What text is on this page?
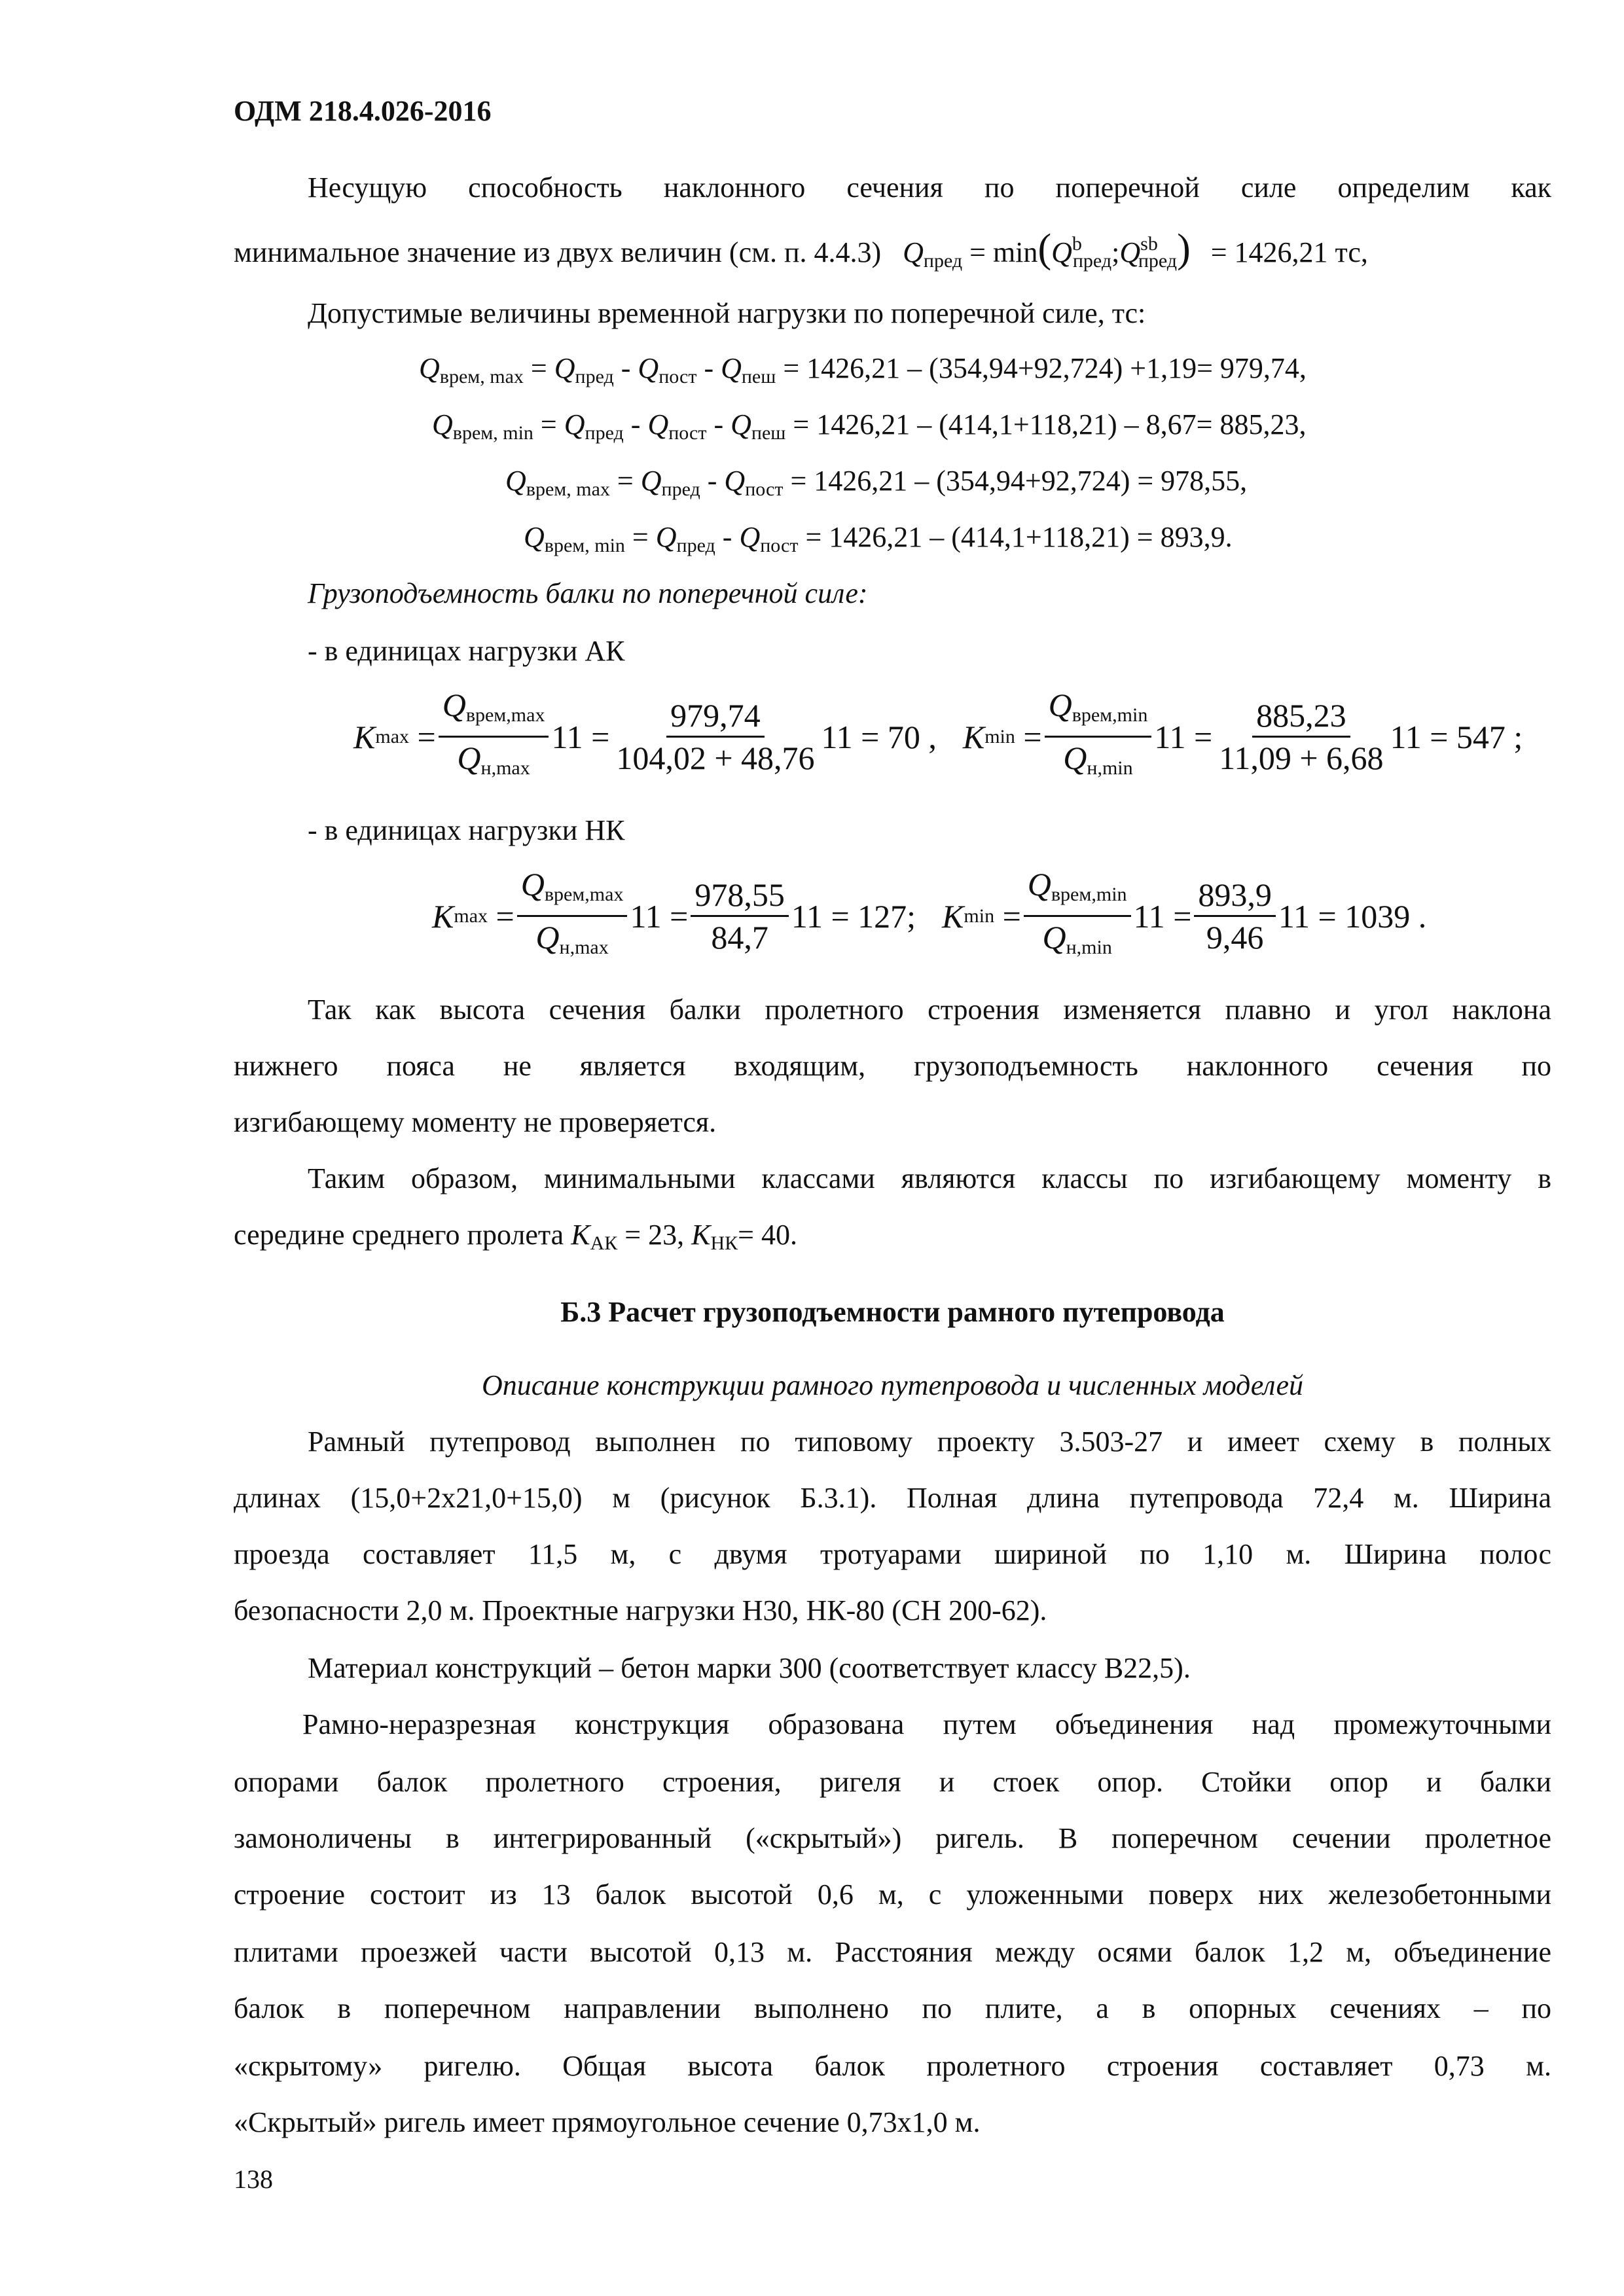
ОДМ 218.4.026-2016
Несущую способность наклонного сечения по поперечной силе определим как
минимальное значение из двух величин (см. п. 4.4.3) $Q_{пред}$ = $\min(Q^b_{пред};Q^{sb}_{пред}) = 1426,21$ тс,
Допустимые величины временной нагрузки по поперечной силе, тс:
$Q_{врем, max} = Q_{пред} - Q_{пост} - Q_{пеш} = 1426,21 - (354,94+92,724) +1,19= 979,74$,
$Q_{врем, min} = Q_{пред} - Q_{пост} - Q_{пеш} = 1426,21 - (414,1+118,21) - 8,67= 885,23$,
$Q_{врем, max} = Q_{пред} - Q_{пост} = 1426,21 - (354,94+92,724) = 978,55$,
$Q_{врем, min} = Q_{пред} - Q_{пост} = 1426,21 - (414,1+118,21) = 893,9$.
Грузоподъемность балки по поперечной силе:
- в единицах нагрузки АК
K $\max = \frac{Q_{врем,max}}{Q_{н,max}} 11 = \frac{979,74}{104,02 + 48,76} 11 = 70$ , K $\min = \frac{Q_{врем,min}}{Q_{н,min}} 11 = \frac{885,23}{11,09 + 6,68} 11 = 547$ ;
- в единицах нагрузки НК
K $\max = \frac{Q_{врем,max}}{Q_{н,max}} 11 = \frac{978,55}{84,7} 11 = 127$; K $\min = \frac{Q_{врем,min}}{Q_{н,min}} 11 = \frac{893,9}{9,46} 11 = 1039$ .
Так как высота сечения балки пролетного строения изменяется плавно и угол наклона
нижнего пояса не является входящим, грузоподъемность наклонного сечения по
изгибающему моменту не проверяется.
Таким образом, минимальными классами являются классы по изгибающему моменту в
середине среднего пролета $K_{АК} = 23$, $K_{НК}= 40$.
Б.3 Расчет грузоподъемности рамного путепровода
Описание конструкции рамного путепровода и численных моделей
Рамный путепровод выполнен по типовому проекту 3.503-27 и имеет схему в полных
длинах (15,0+2х21,0+15,0) м (рисунок Б.3.1). Полная длина путепровода 72,4 м. Ширина
проезда составляет 11,5 м, с двумя тротуарами шириной по 1,10 м. Ширина полос
безопасности 2,0 м. Проектные нагрузки Н30, НК-80 (СН 200-62).
Материал конструкций – бетон марки 300 (соответствует классу В22,5).
Рамно-неразрезная конструкция образована путем объединения над промежуточными
опорами балок пролетного строения, ригеля и стоек опор. Стойки опор и балки
замоноличены в интегрированный («скрытый») ригель. В поперечном сечении пролетное
строение состоит из 13 балок высотой 0,6 м, с уложенными поверх них железобетонными
плитами проезжей части высотой 0,13 м. Расстояния между осями балок 1,2 м, объединение
балок в поперечном направлении выполнено по плите, а в опорных сечениях – по
«скрытому» ригелю. Общая высота балок пролетного строения составляет 0,73 м.
«Скрытый» ригель имеет прямоугольное сечение 0,73х1,0 м.
138
